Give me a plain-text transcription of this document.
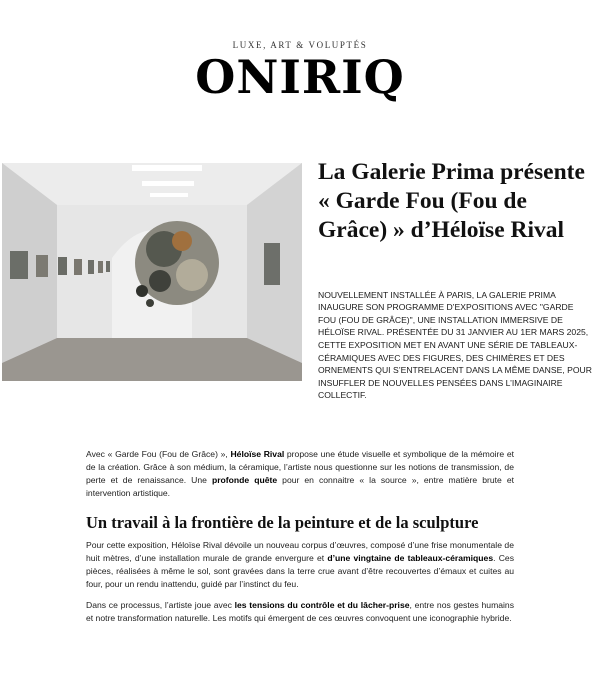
LUXE, ART & VOLUPTÉS
ONIRIQ
La Galerie Prima présente « Garde Fou (Fou de Grâce) » d’Héloïse Rival

NOUVELLEMENT INSTALLÉE À PARIS, LA GALERIE PRIMA INAUGURE SON PROGRAMME D’EXPOSITIONS AVEC "GARDE FOU (FOU DE GRÂCE)", UNE INSTALLATION IMMERSIVE DE HÉLOÏSE RIVAL. PRÉSENTÉE DU 31 JANVIER AU 1ER MARS 2025, CETTE EXPOSITION MET EN AVANT UNE SÉRIE DE TABLEAUX-CÉRAMIQUES AVEC DES FIGURES, DES CHIMÈRES ET DES ORNEMENTS QUI S’ENTRELACENT DANS LA MÊME DANSE, POUR INSUFFLER DE NOUVELLES PENSÉES DANS L’IMAGINAIRE COLLECTIF.

Avec « Garde Fou (Fou de Grâce) », Héloïse Rival propose une étude visuelle et symbolique de la mémoire et de la création. Grâce à son médium, la céramique, l’artiste nous questionne sur les notions de transmission, de perte et de renaissance. Une profonde quête pour en connaitre « la source », entre matière brute et intervention artistique.

Un travail à la frontière de la peinture et de la sculpture

Pour cette exposition, Héloïse Rival dévoile un nouveau corpus d’œuvres, composé d’une frise monumentale de huit mètres, d’une installation murale de grande envergure et d’une vingtaine de tableaux-céramiques. Ces pièces, réalisées à même le sol, sont gravées dans la terre crue avant d’être recouvertes d’émaux et cuites au four, pour un rendu inattendu, guidé par l’instinct du feu.

Dans ce processus, l’artiste joue avec les tensions du contrôle et du lâcher-prise, entre nos gestes humains et notre transformation naturelle. Les motifs qui émergent de ces œuvres convoquent une iconographie hybride.
